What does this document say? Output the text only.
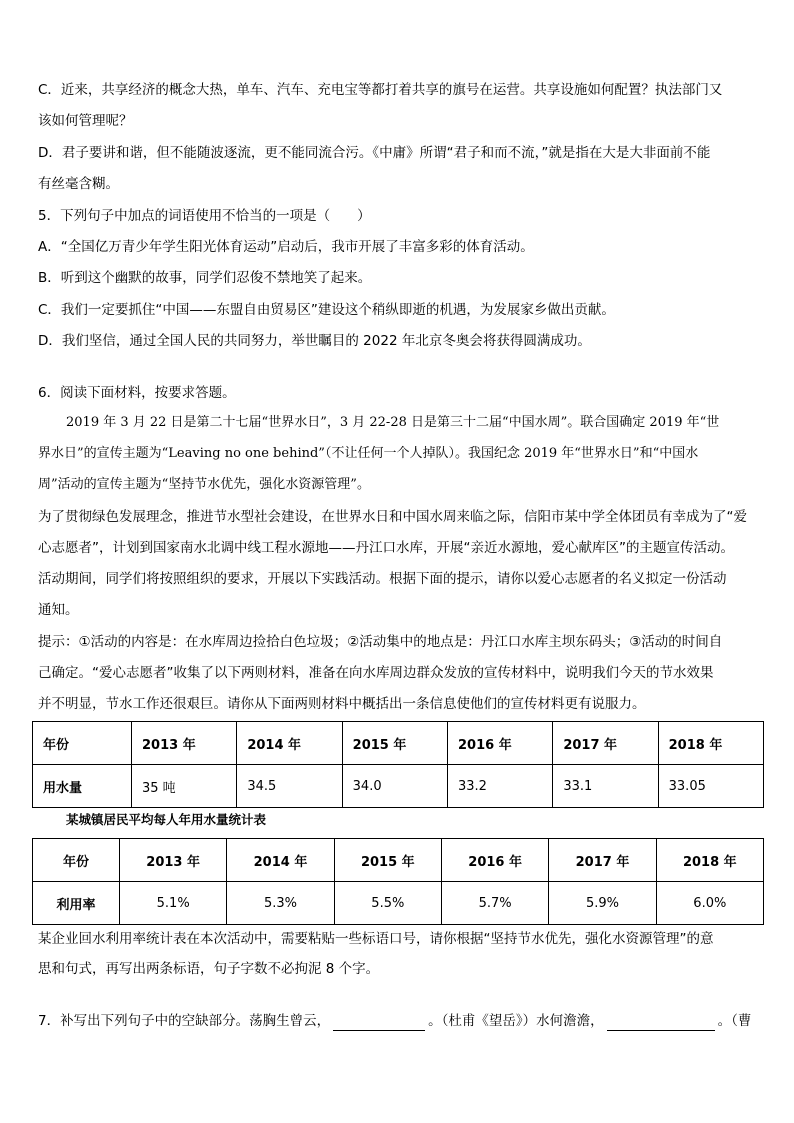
C．近来，共享经济的概念大热，单车、汽车、充电宝等都打着共享的旗号在运营。共享设施如何配置？执法部门又
该如何管理呢？
D．君子要讲和谐，但不能随波逐流，更不能同流合污。《中庸》所谓“君子和而不流，”就是指在大是大非面前不能
有丝毫含糊。
5．下列句子中加点的词语使用不恰当的一项是（　　）
A．“全国亿万青少年学生阳光体育运动”启动后，我市开展了丰富多彩的体育活动。
B．听到这个幽默的故事，同学们忍俊不禁地笑了起来。
C．我们一定要抓住“中国——东盟自由贸易区”建设这个稍纵即逝的机遇，为发展家乡做出贡献。
D．我们坚信，通过全国人民的共同努力，举世瞩目的 2022 年北京冬奥会将获得圆满成功。
6．阅读下面材料，按要求答题。
2019 年 3 月 22 日是第二十七届“世界水日”，3 月 22-28 日是第三十二届“中国水周”。联合国确定 2019 年“世
界水日”的宣传主题为“Leaving no one behind”（不让任何一个人掉队）。我国纪念 2019 年“世界水日”和“中国水
周”活动的宣传主题为“坚持节水优先，强化水资源管理”。
为了贯彻绿色发展理念，推进节水型社会建设，在世界水日和中国水周来临之际，信阳市某中学全体团员有幸成为了“爱
心志愿者”，计划到国家南水北调中线工程水源地——丹江口水库，开展“亲近水源地，爱心献库区”的主题宣传活动。
活动期间，同学们将按照组织的要求，开展以下实践活动。根据下面的提示，请你以爱心志愿者的名义拟定一份活动
通知。
提示：①活动的内容是：在水库周边捡拾白色垃圾；②活动集中的地点是：丹江口水库主坝东码头；③活动的时间自
己确定。“爱心志愿者”收集了以下两则材料，准备在向水库周边群众发放的宣传材料中，说明我们今天的节水效果
并不明显，节水工作还很艰巨。请你从下面两则材料中概括出一条信息使他们的宣传材料更有说服力。
年份	2013 年	2014 年	2015 年	2016 年	2017 年	2018 年
用水量	35 吨	34.5	34.0	33.2	33.1	33.05
某城镇居民平均每人年用水量统计表
年份	2013 年	2014 年	2015 年	2016 年	2017 年	2018 年
利用率	5.1%	5.3%	5.5%	5.7%	5.9%	6.0%
某企业回水利用率统计表在本次活动中，需要粘贴一些标语口号，请你根据“坚持节水优先，强化水资源管理”的意
思和句式，再写出两条标语，句子字数不必拘泥 8 个字。
7．补写出下列句子中的空缺部分。荡胸生曾云，	。（杜甫《望岳》）水何澹澹，	。（曹
